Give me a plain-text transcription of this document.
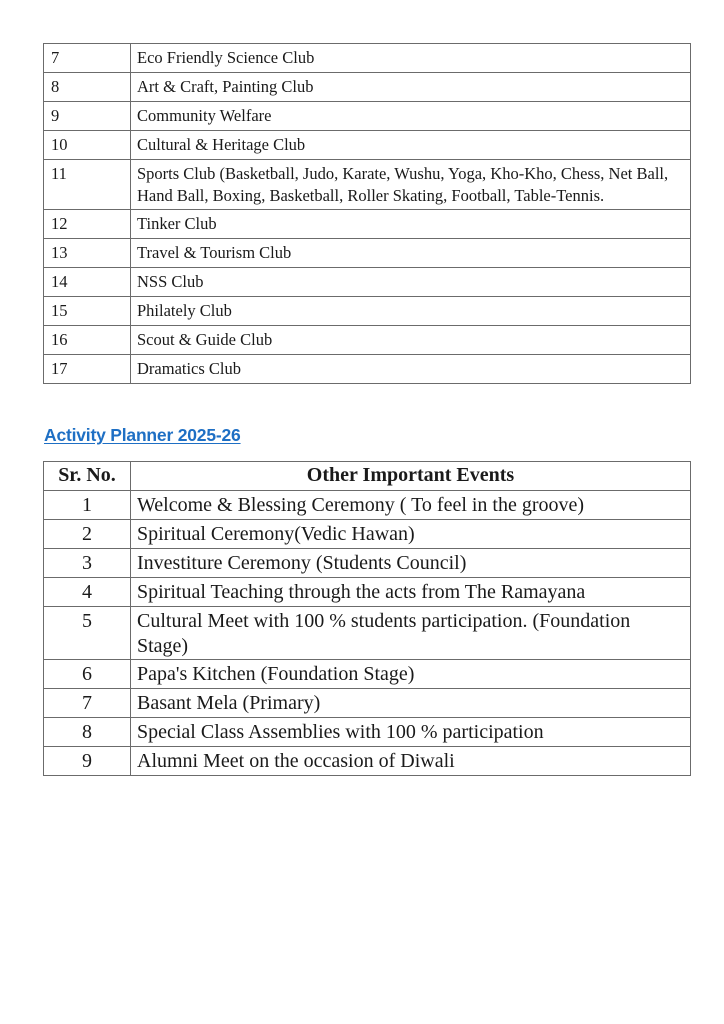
7	Eco Friendly Science Club
8	Art & Craft, Painting Club
9	Community Welfare
10	Cultural & Heritage Club
11	Sports Club (Basketball, Judo, Karate, Wushu, Yoga, Kho-Kho, Chess, Net Ball, Hand Ball, Boxing, Basketball, Roller Skating, Football, Table-Tennis.
12	Tinker Club
13	Travel & Tourism Club
14	NSS Club
15	Philately Club
16	Scout & Guide Club
17	Dramatics Club
Activity Planner 2025-26
Sr. No.	Other Important Events
1	Welcome & Blessing Ceremony ( To feel in the groove)
2	Spiritual Ceremony(Vedic Hawan)
3	Investiture Ceremony (Students Council)
4	Spiritual Teaching through the acts from The Ramayana
5	Cultural Meet with 100 % students participation. (Foundation Stage)
6	Papa's Kitchen (Foundation Stage)
7	Basant Mela (Primary)
8	Special Class Assemblies with 100 % participation
9	Alumni Meet on the occasion of Diwali
